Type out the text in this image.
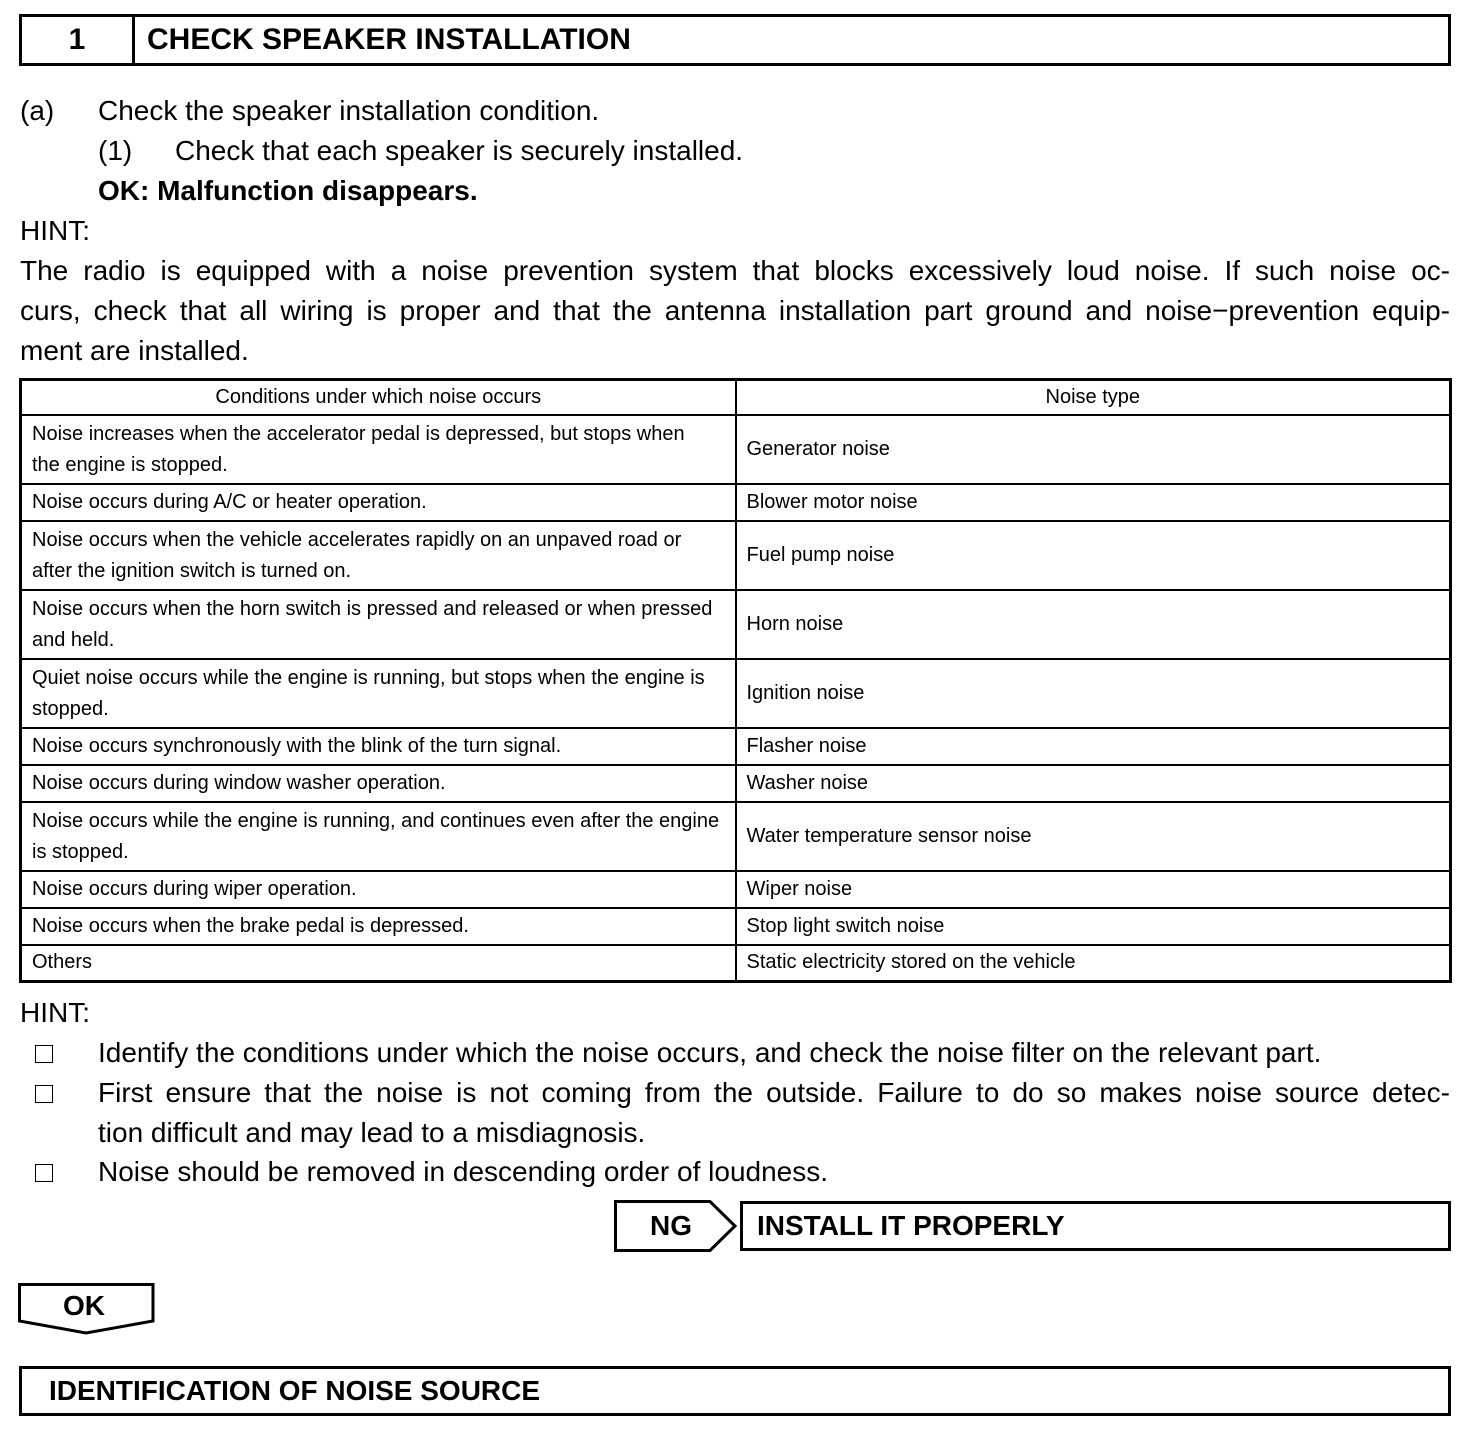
1	CHECK SPEAKER INSTALLATION
(a) Check the speaker installation condition.
(1) Check that each speaker is securely installed.
OK: Malfunction disappears.
HINT:
The radio is equipped with a noise prevention system that blocks excessively loud noise. If such noise oc-
curs, check that all wiring is proper and that the antenna installation part ground and noise−prevention equip-
ment are installed.
Conditions under which noise occurs	Noise type
Noise increases when the accelerator pedal is depressed, but stops when
the engine is stopped.	Generator noise
Noise occurs during A/C or heater operation.	Blower motor noise
Noise occurs when the vehicle accelerates rapidly on an unpaved road or
after the ignition switch is turned on.	Fuel pump noise
Noise occurs when the horn switch is pressed and released or when pressed
and held.	Horn noise
Quiet noise occurs while the engine is running, but stops when the engine is
stopped.	Ignition noise
Noise occurs synchronously with the blink of the turn signal.	Flasher noise
Noise occurs during window washer operation.	Washer noise
Noise occurs while the engine is running, and continues even after the engine
is stopped.	Water temperature sensor noise
Noise occurs during wiper operation.	Wiper noise
Noise occurs when the brake pedal is depressed.	Stop light switch noise
Others	Static electricity stored on the vehicle
HINT:
Identify the conditions under which the noise occurs, and check the noise filter on the relevant part.
First ensure that the noise is not coming from the outside. Failure to do so makes noise source detec-
tion difficult and may lead to a misdiagnosis.
Noise should be removed in descending order of loudness.
NG INSTALL IT PROPERLY
OK
IDENTIFICATION OF NOISE SOURCE
